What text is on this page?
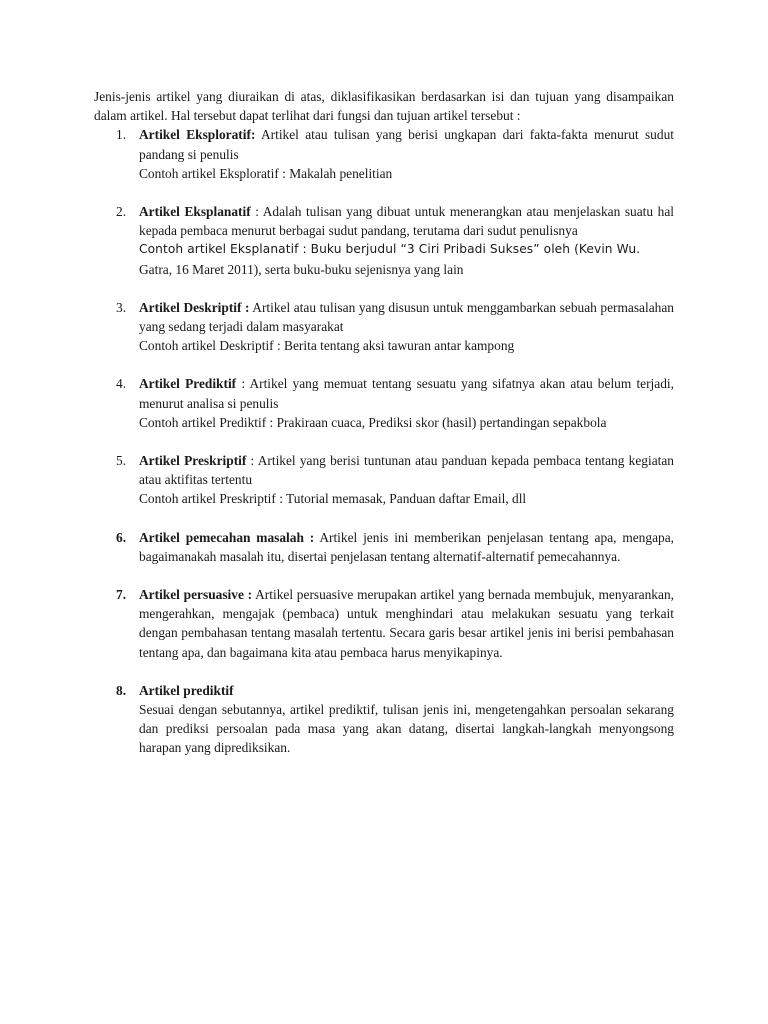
Jenis-jenis artikel yang diuraikan di atas, diklasifikasikan berdasarkan isi dan tujuan yang disampaikan dalam artikel. Hal tersebut dapat terlihat dari fungsi dan tujuan artikel tersebut :

1. Artikel Eksploratif: Artikel atau tulisan yang berisi ungkapan dari fakta-fakta menurut sudut pandang si penulis
Contoh artikel Eksploratif : Makalah penelitian
2. Artikel Eksplanatif : Adalah tulisan yang dibuat untuk menerangkan atau menjelaskan suatu hal kepada pembaca menurut berbagai sudut pandang, terutama dari sudut penulisnya
Contoh artikel Eksplanatif : Buku berjudul “3 Ciri Pribadi Sukses” oleh (Kevin Wu.
Gatra, 16 Maret 2011), serta buku-buku sejenisnya yang lain
3. Artikel Deskriptif : Artikel atau tulisan yang disusun untuk menggambarkan sebuah permasalahan yang sedang terjadi dalam masyarakat
Contoh artikel Deskriptif : Berita tentang aksi tawuran antar kampong
4. Artikel Prediktif : Artikel yang memuat tentang sesuatu yang sifatnya akan atau belum terjadi, menurut analisa si penulis
Contoh artikel Prediktif : Prakiraan cuaca, Prediksi skor (hasil) pertandingan sepakbola
5. Artikel Preskriptif : Artikel yang berisi tuntunan atau panduan kepada pembaca tentang kegiatan atau aktifitas tertentu
Contoh artikel Preskriptif : Tutorial memasak, Panduan daftar Email, dll
6. Artikel pemecahan masalah : Artikel jenis ini memberikan penjelasan tentang apa, mengapa, bagaimanakah masalah itu, disertai penjelasan tentang alternatif-alternatif pemecahannya.
7. Artikel persuasive : Artikel persuasive merupakan artikel yang bernada membujuk, menyarankan, mengerahkan, mengajak (pembaca) untuk menghindari atau melakukan sesuatu yang terkait dengan pembahasan tentang masalah tertentu. Secara garis besar artikel jenis ini berisi pembahasan tentang apa, dan bagaimana kita atau pembaca harus menyikapinya.
8. Artikel prediktif
Sesuai dengan sebutannya, artikel prediktif, tulisan jenis ini, mengetengahkan persoalan sekarang dan prediksi persoalan pada masa yang akan datang, disertai langkah-langkah menyongsong harapan yang diprediksikan.
